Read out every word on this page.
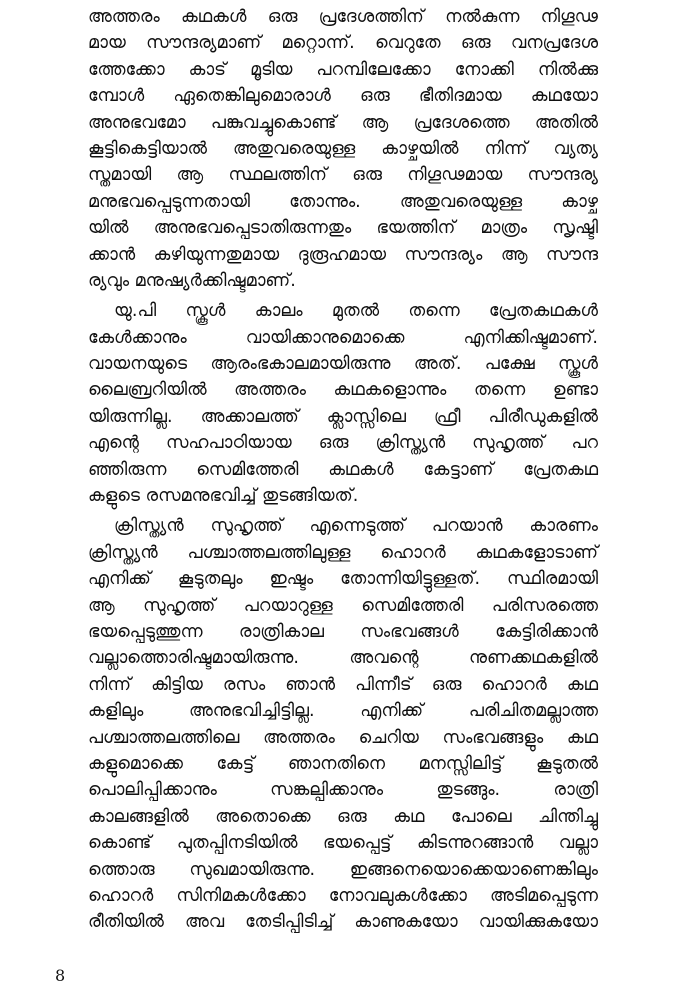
അത്തരം കഥകൾ ഒരു പ്രദേശത്തിന് നൽകുന്ന നിഗൂഢ
മായ സൗന്ദര്യമാണ് മറ്റൊന്ന്. വെറുതേ ഒരു വനപ്രദേശ
ത്തേക്കോ കാട് മൂടിയ പറമ്പിലേക്കോ നോക്കി നിൽക്കു
മ്പോൾ ഏതെങ്കിലുമൊരാൾ ഒരു ഭീതിദമായ കഥയോ
അനുഭവമോ പങ്കുവച്ചുകൊണ്ട് ആ പ്രദേശത്തെ അതിൽ
കൂട്ടികെട്ടിയാൽ അതുവരെയുള്ള കാഴ്ചയിൽ നിന്ന് വ്യത്യ
സ്തമായി ആ സ്ഥലത്തിന് ഒരു നിഗൂഢമായ സൗന്ദര്യ
മനുഭവപ്പെടുന്നതായി തോന്നും. അതുവരെയുള്ള കാഴ്ച
യിൽ അനുഭവപ്പെടാതിരുന്നതും ഭയത്തിന് മാത്രം സൃഷ്ടി
ക്കാൻ കഴിയുന്നതുമായ ദുരൂഹമായ സൗന്ദര്യം ആ സൗന്ദ
ര്യവും മനുഷ്യർക്കിഷ്ടമാണ്.
യു.പി സ്കൂൾ കാലം മുതൽ തന്നെ പ്രേതകഥകൾ
കേൾക്കാനും വായിക്കാനുമൊക്കെ എനിക്കിഷ്ടമാണ്.
വായനയുടെ ആരംഭകാലമായിരുന്നു അത്. പക്ഷേ സ്കൂൾ
ലൈബ്രറിയിൽ അത്തരം കഥകളൊന്നും തന്നെ ഉണ്ടാ
യിരുന്നില്ല. അക്കാലത്ത് ക്ലാസ്സിലെ ഫ്രീ പിരീഡുകളിൽ
എന്റെ സഹപാഠിയായ ഒരു ക്രിസ്ത്യൻ സുഹൃത്ത് പറ
ഞ്ഞിരുന്ന സെമിത്തേരി കഥകൾ കേട്ടാണ് പ്രേതകഥ
കളുടെ രസമനുഭവിച്ച് തുടങ്ങിയത്.
ക്രിസ്ത്യൻ സുഹൃത്ത് എന്നെടുത്ത് പറയാൻ കാരണം
ക്രിസ്ത്യൻ പശ്ചാത്തലത്തിലുള്ള ഹൊറർ കഥകളോടാണ്
എനിക്ക് കൂടുതലും ഇഷ്ടം തോന്നിയിട്ടുള്ളത്. സ്ഥിരമായി
ആ സുഹൃത്ത് പറയാറുള്ള സെമിത്തേരി പരിസരത്തെ
ഭയപ്പെടുത്തുന്ന രാത്രികാല സംഭവങ്ങൾ കേട്ടിരിക്കാൻ
വല്ലാത്തൊരിഷ്ടമായിരുന്നു. അവന്റെ നുണക്കഥകളിൽ
നിന്ന് കിട്ടിയ രസം ഞാൻ പിന്നീട് ഒരു ഹൊറർ കഥ
കളിലും അനുഭവിച്ചിട്ടില്ല. എനിക്ക് പരിചിതമല്ലാത്ത
പശ്ചാത്തലത്തിലെ അത്തരം ചെറിയ സംഭവങ്ങളും കഥ
കളുമൊക്കെ കേട്ട് ഞാനതിനെ മനസ്സിലിട്ട് കൂടുതൽ
പൊലിപ്പിക്കാനും സങ്കല്പിക്കാനും തുടങ്ങും. രാത്രി
കാലങ്ങളിൽ അതൊക്കെ ഒരു കഥ പോലെ ചിന്തിച്ചു
കൊണ്ട് പുതപ്പിനടിയിൽ ഭയപ്പെട്ട് കിടന്നുറങ്ങാൻ വല്ലാ
ത്തൊരു സുഖമായിരുന്നു. ഇങ്ങനെയൊക്കെയാണെങ്കിലും
ഹൊറർ സിനിമകൾക്കോ നോവലുകൾക്കോ അടിമപ്പെടുന്ന
രീതിയിൽ അവ തേടിപ്പിടിച്ച് കാണുകയോ വായിക്കുകയോ
8
